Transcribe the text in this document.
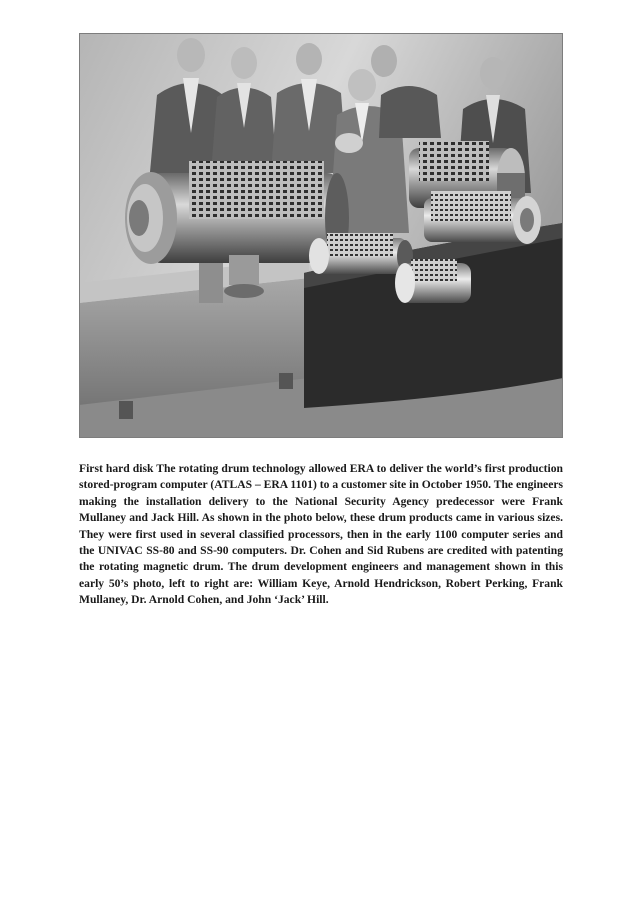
First hard disk The rotating drum technology allowed ERA to deliver the world’s first production stored-program computer (ATLAS – ERA 1101) to a customer site in October 1950. The engineers making the installation delivery to the National Security Agency predecessor were Frank Mullaney and Jack Hill. As shown in the photo below, these drum products came in various sizes. They were first used in several classified processors, then in the early 1100 computer series and the UNIVAC SS-80 and SS-90 computers. Dr. Cohen and Sid Rubens are credited with patenting the rotating magnetic drum. The drum development engineers and management shown in this early 50’s photo, left to right are: William Keye, Arnold Hendrickson, Robert Perking, Frank Mullaney, Dr. Arnold Cohen, and John ‘Jack’ Hill.
